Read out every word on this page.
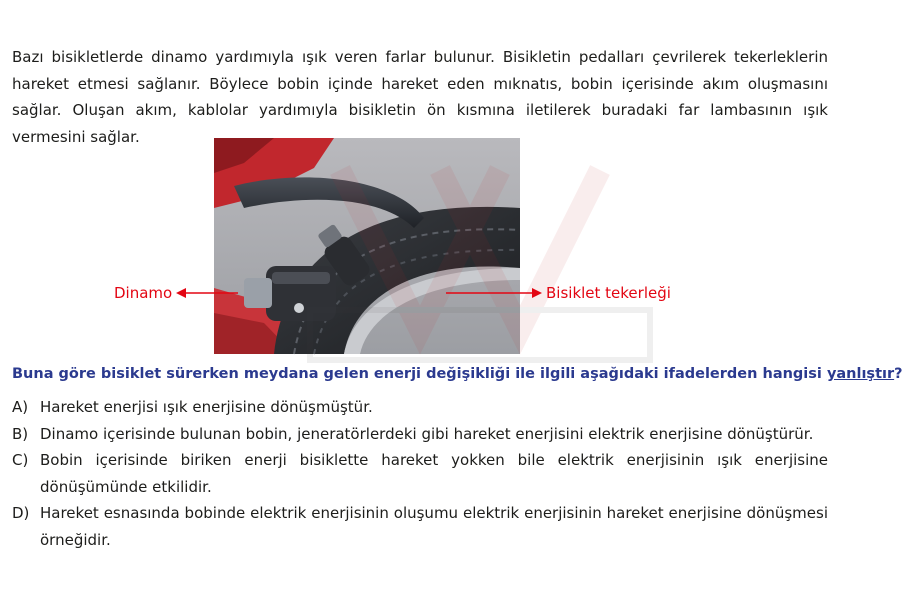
Bazı bisikletlerde dinamo yardımıyla ışık veren farlar bulunur. Bisikletin pedalları çevrilerek tekerleklerin hareket etmesi sağlanır. Böylece bobin içinde hareket eden mıknatıs, bobin içerisinde akım oluşmasını sağlar. Oluşan akım, kablolar yardımıyla bisikletin ön kısmına iletilerek buradaki far lambasının ışık vermesini sağlar.

Dinamo	Bisiklet tekerleği

Buna göre bisiklet sürerken meydana gelen enerji değişikliği ile ilgili aşağıdaki ifadelerden hangisi yanlıştır?

A) Hareket enerjisi ışık enerjisine dönüşmüştür.
B) Dinamo içerisinde bulunan bobin, jeneratörlerdeki gibi hareket enerjisini elektrik enerjisine dönüştürür.
C) Bobin içerisinde biriken enerji bisiklette hareket yokken bile elektrik enerjisinin ışık enerjisine dönüşümünde etkilidir.
D) Hareket esnasında bobinde elektrik enerjisinin oluşumu elektrik enerjisinin hareket enerjisine dönüşmesi örneğidir.
